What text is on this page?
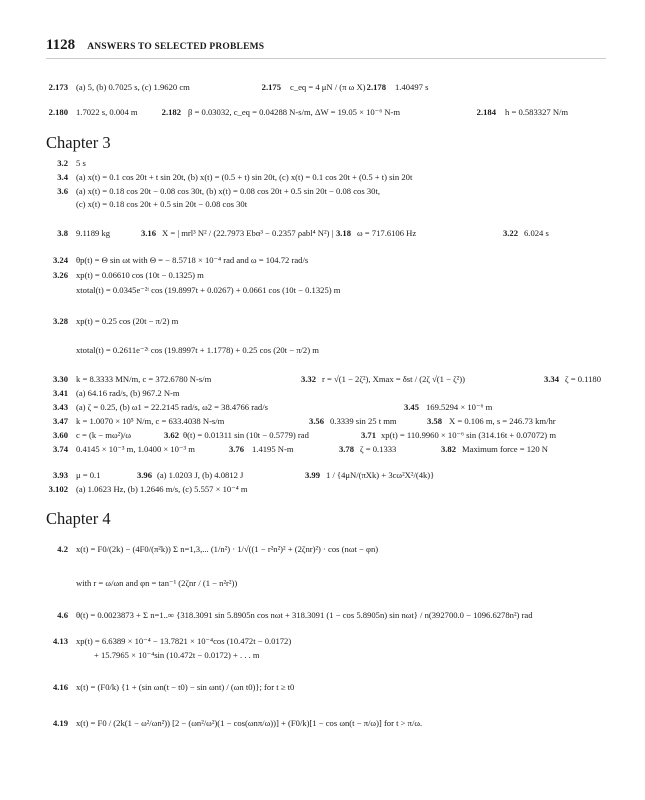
1128 ANSWERS TO SELECTED PROBLEMS
Chapter 3
Chapter 4
2.173 (a) 5, (b) 0.7025 s, (c) 1.9620 cm	2.175 c_eq = 4 μN / (π ω X) 2.178 1.40497 s
2.180 1.7022 s, 0.004 m	2.182 β = 0.03032, c_eq = 0.04288 N-s/m, ΔW = 19.05 × 10⁻⁶ N-m	2.184 h = 0.583327 N/m
3.2 5 s
3.4 (a) x(t) = 0.1 cos 20t + t sin 20t, (b) x(t) = (0.5 + t) sin 20t, (c) x(t) = 0.1 cos 20t + (0.5 + t) sin 20t
3.6 (a) x(t) = 0.18 cos 20t − 0.08 cos 30t, (b) x(t) = 0.08 cos 20t + 0.5 sin 20t − 0.08 cos 30t,
(c) x(t) = 0.18 cos 20t + 0.5 sin 20t − 0.08 cos 30t
3.8 9.1189 kg	3.16 X = | mrl³ N² / (22.7973 Ebα³ − 0.2357 ρabl⁴ N²) | 3.18 ω = 717.6106 Hz	3.22 6.024 s
3.24 θp(t) = Θ sin ωt with Θ = − 8.5718 × 10⁻⁴ rad and ω = 104.72 rad/s
3.26 xp(t) = 0.06610 cos (10t − 0.1325) m
xtotal(t) = 0.0345e⁻²ᵗ cos (19.8997t + 0.0267) + 0.0661 cos (10t − 0.1325) m
3.28 xp(t) = 0.25 cos (20t − π/2) m
xtotal(t) = 0.2611e⁻²ᵗ cos (19.8997t + 1.1778) + 0.25 cos (20t − π/2) m
3.30 k = 8.3333 MN/m, c = 372.6780 N-s/m	3.32 r = √(1 − 2ζ²), Xmax = δst / (2ζ √(1 − ζ²))	3.34 ζ = 0.1180
3.41 (a) 64.16 rad/s, (b) 967.2 N-m
3.43 (a) ζ = 0.25, (b) ω1 = 22.2145 rad/s, ω2 = 38.4766 rad/s	3.45 169.5294 × 10⁻⁶ m
3.47 k = 1.0070 × 10⁵ N/m, c = 633.4038 N-s/m	3.56 0.3339 sin 25 t mm	3.58 X = 0.106 m, s = 246.73 km/hr
3.60 c = (k − mω²)/ω	3.62 θ(t) = 0.01311 sin (10t − 0.5779) rad	3.71 xp(t) = 110.9960 × 10⁻⁶ sin (314.16t + 0.07072) m
3.74 0.4145 × 10⁻³ m, 1.0400 × 10⁻³ m	3.76 1.4195 N-m	3.78 ζ = 0.1333	3.82 Maximum force = 120 N
3.93 μ = 0.1	3.96 (a) 1.0203 J, (b) 4.0812 J	3.99 1 / {4μN/(πXk) + 3cω²X²/(4k)}
3.102 (a) 1.0623 Hz, (b) 1.2646 m/s, (c) 5.557 × 10⁻⁴ m
4.2 x(t) = F0/(2k) − (4F0/(π²k)) Σ n=1,3,... (1/n²) · 1/√((1 − r²n²)² + (2ζnr)²) · cos (nωt − φn)
with r = ω/ωn and φn = tan⁻¹ (2ζnr / (1 − n²r²))
4.6 θ(t) = 0.0023873 + Σ n=1..∞ {318.3091 sin 5.8905n cos nωt + 318.3091 (1 − cos 5.8905n) sin nωt} / n(392700.0 − 1096.6278n²) rad
4.13 xp(t) = 6.6389 × 10⁻⁴ − 13.7821 × 10⁻⁴cos (10.472t − 0.0172)
+ 15.7965 × 10⁻⁴sin (10.472t − 0.0172) + . . . m
4.16 x(t) = (F0/k) {1 + (sin ωn(t − t0) − sin ωnt) / (ωn t0)}; for t ≥ t0
4.19 x(t) = F0 / (2k(1 − ω²/ωn²)) [2 − (ωn²/ω²)(1 − cos(ωnπ/ω))] + (F0/k)[1 − cos ωn(t − π/ω)] for t > π/ω.
